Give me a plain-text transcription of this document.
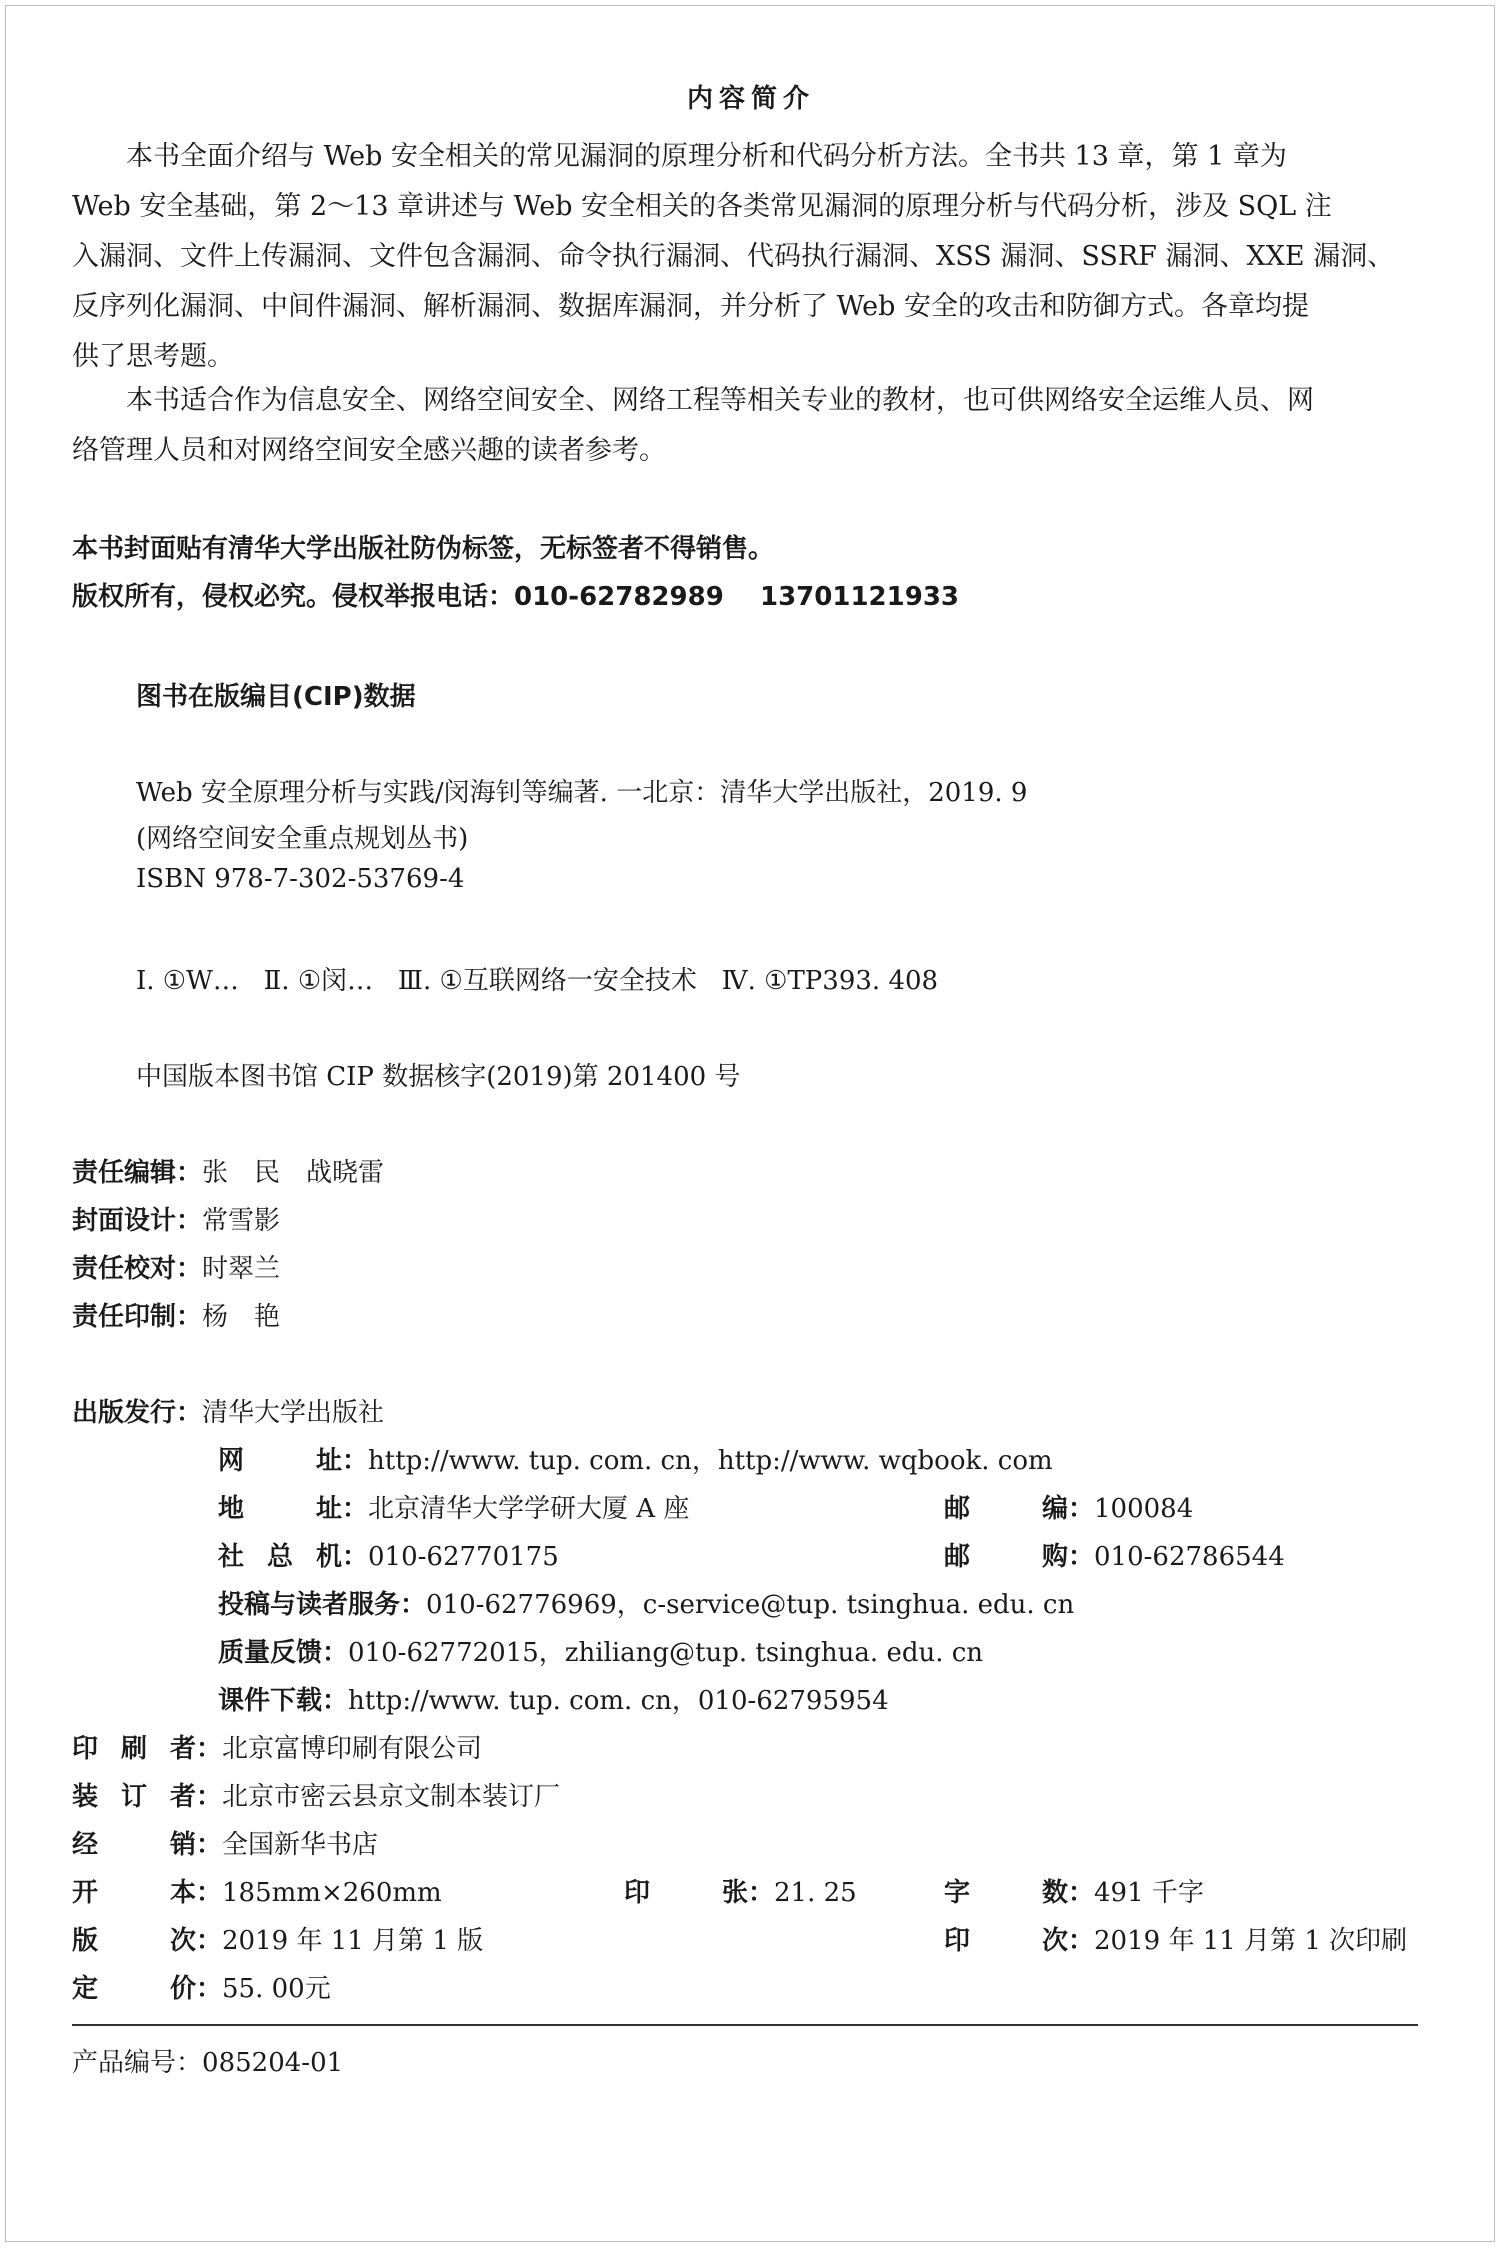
内容简介
本书全面介绍与 Web 安全相关的常见漏洞的原理分析和代码分析方法。全书共 13 章，第 1 章为
Web 安全基础，第 2～13 章讲述与 Web 安全相关的各类常见漏洞的原理分析与代码分析，涉及 SQL 注
入漏洞、文件上传漏洞、文件包含漏洞、命令执行漏洞、代码执行漏洞、XSS 漏洞、SSRF 漏洞、XXE 漏洞、
反序列化漏洞、中间件漏洞、解析漏洞、数据库漏洞，并分析了 Web 安全的攻击和防御方式。各章均提
供了思考题。
本书适合作为信息安全、网络空间安全、网络工程等相关专业的教材，也可供网络安全运维人员、网
络管理人员和对网络空间安全感兴趣的读者参考。
本书封面贴有清华大学出版社防伪标签，无标签者不得销售。
版权所有，侵权必究。侵权举报电话：010-62782989    13701121933
图书在版编目(CIP)数据
Web 安全原理分析与实践/闵海钊等编著. 一北京：清华大学出版社，2019. 9
(网络空间安全重点规划丛书)
ISBN 978-7-302-53769-4
Ⅰ. ①W…   Ⅱ. ①闵…   Ⅲ. ①互联网络一安全技术   Ⅳ. ①TP393. 408
中国版本图书馆 CIP 数据核字(2019)第 201400 号
责任编辑：张　民　战晓雷
封面设计：常雪影
责任校对：时翠兰
责任印制：杨　艳
出版发行：清华大学出版社
网址：http://www. tup. com. cn，http://www. wqbook. com
地址：北京清华大学学研大厦 A 座	邮编：100084
社总机：010-62770175	邮购：010-62786544
投稿与读者服务：010-62776969，c-service@tup. tsinghua. edu. cn
质量反馈：010-62772015，zhiliang@tup. tsinghua. edu. cn
课件下载：http://www. tup. com. cn，010-62795954
印刷者：北京富博印刷有限公司
装订者：北京市密云县京文制本装订厂
经销：全国新华书店
开本：185mm×260mm	印张：21. 25	字数：491 千字
版次：2019 年 11 月第 1 版	印次：2019 年 11 月第 1 次印刷
定价：55. 00元
产品编号：085204-01
